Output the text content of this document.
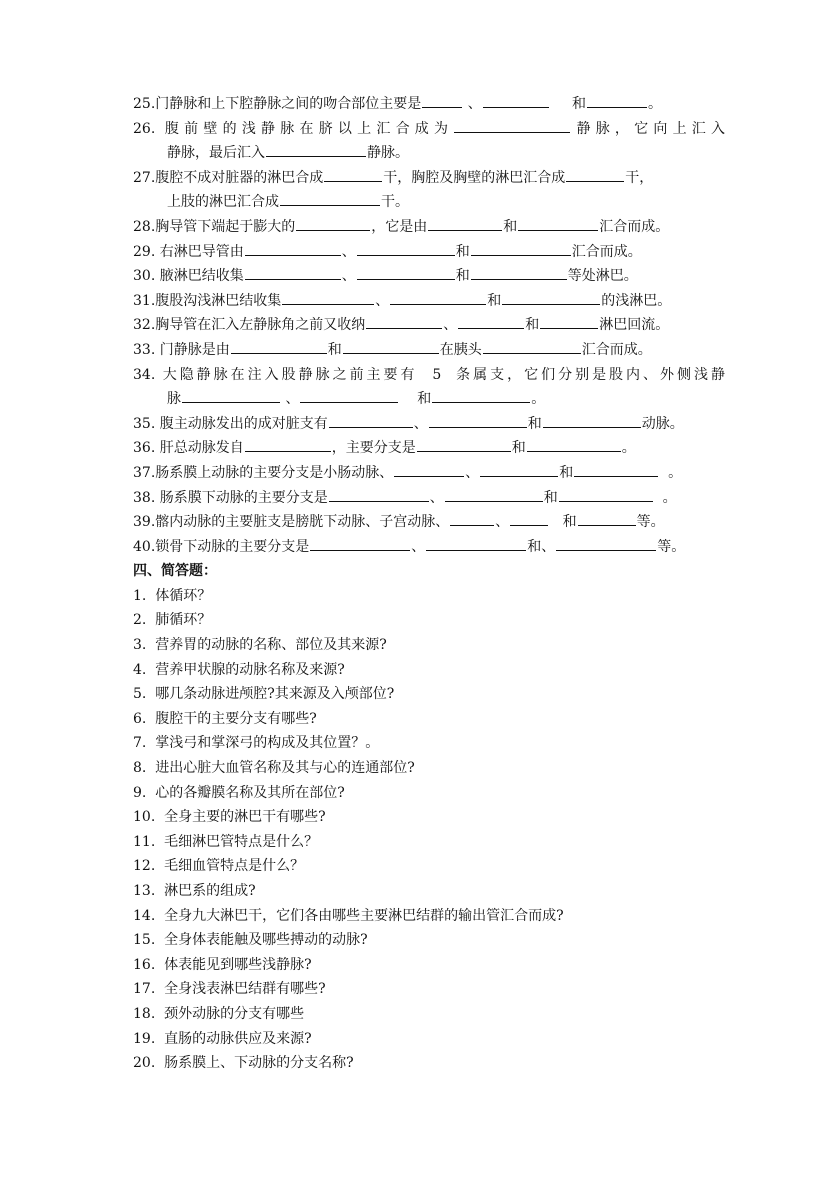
25.门静脉和上下腔静脉之间的吻合部位主要是	、	和	。
26. 腹前壁的浅静脉在脐以上汇合成为	静脉，它向上汇入
静脉，最后汇入	静脉。
27.腹腔不成对脏器的淋巴合成	干，胸腔及胸壁的淋巴汇合成	干，
上肢的淋巴汇合成	干。
28.胸导管下端起于膨大的	，它是由	和	汇合而成。
29. 右淋巴导管由	、	和	汇合而成。
30. 腋淋巴结收集	、	和	等处淋巴。
31.腹股沟浅淋巴结收集	、	和	的浅淋巴。
32.胸导管在汇入左静脉角之前又收纳	、	和	淋巴回流。
33. 门静脉是由	和	在胰头	汇合而成。
34. 大隐静脉在注入股静脉之前主要有  5  条属支，它们分别是股内、外侧浅静
脉	、	和	。
35. 腹主动脉发出的成对脏支有	、	和	动脉。
36. 肝总动脉发自	，主要分支是	和	。
37.肠系膜上动脉的主要分支是小肠动脉、	、	和	。
38. 肠系膜下动脉的主要分支是	、	和	。
39.髂内动脉的主要脏支是膀胱下动脉、子宫动脉、	、	和	等。
40.锁骨下动脉的主要分支是	、	和、	等。
四、简答题：
1.  体循环？
2.  肺循环？
3.  营养胃的动脉的名称、部位及其来源?
4.  营养甲状腺的动脉名称及来源?
5.  哪几条动脉进颅腔?其来源及入颅部位?
6.  腹腔干的主要分支有哪些?
7.  掌浅弓和掌深弓的构成及其位置？。
8.  进出心脏大血管名称及其与心的连通部位?
9.  心的各瓣膜名称及其所在部位?
10.  全身主要的淋巴干有哪些?
11.  毛细淋巴管特点是什么？
12.  毛细血管特点是什么？
13.  淋巴系的组成?
14.  全身九大淋巴干，它们各由哪些主要淋巴结群的输出管汇合而成?
15.  全身体表能触及哪些搏动的动脉?
16.  体表能见到哪些浅静脉?
17.  全身浅表淋巴结群有哪些?
18.  颈外动脉的分支有哪些
19.  直肠的动脉供应及来源?
20.  肠系膜上、下动脉的分支名称?
